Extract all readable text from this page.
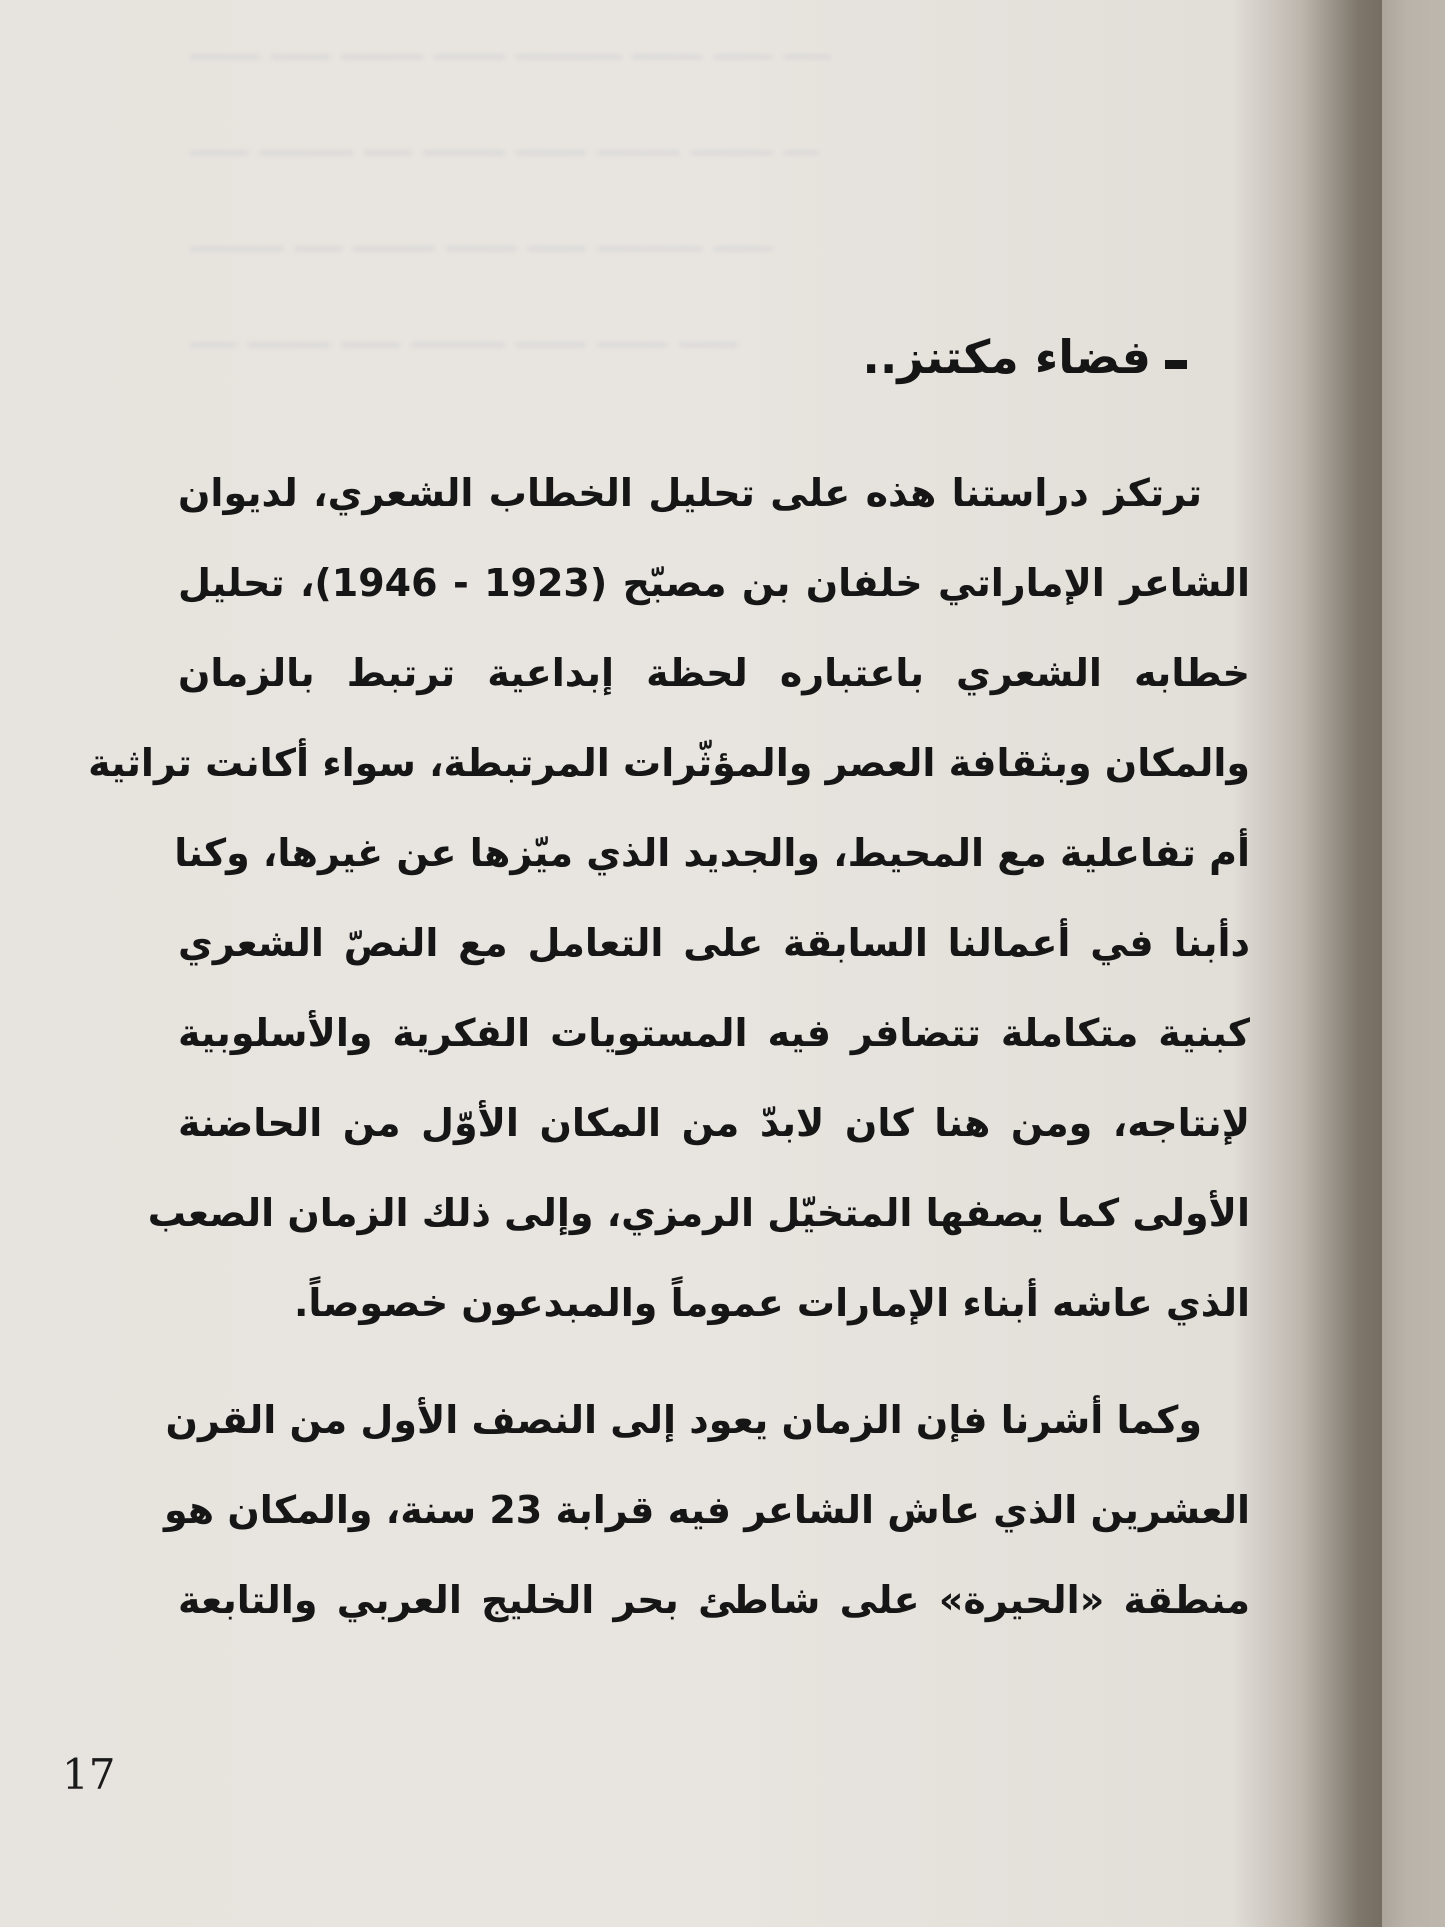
ــــــ ـــــ ـــــــ ــــــ ـــــــــ ــــــ ـــــ ــــ
ـــــ ــــــــ ــــ ـــــــ ــــــ ـــــــ ـــــــ ـــ
ــــــــ ــــ ـــــــ ــــــ ـــــ ـــــــــ ـــــ
ــــ ـــــــ ـــــ ــــــــ ــــــ ــــــ ـــــ	فضاء مكتنز..
ترتكز دراستنا هذه على تحليل الخطاب الشعري، لديوان
الشاعر الإماراتي خلفان بن مصبّح (1923 - 1946)، تحليل
خطابه الشعري باعتباره لحظة إبداعية ترتبط بالزمان
والمكان وبثقافة العصر والمؤثّرات المرتبطة، سواء أكانت تراثية
أم تفاعلية مع المحيط، والجديد الذي ميّزها عن غيرها، وكنا
دأبنا في أعمالنا السابقة على التعامل مع النصّ الشعري
كبنية متكاملة تتضافر فيه المستويات الفكرية والأسلوبية
لإنتاجه، ومن هنا كان لابدّ من المكان الأوّل من الحاضنة
الأولى كما يصفها المتخيّل الرمزي، وإلى ذلك الزمان الصعب
الذي عاشه أبناء الإمارات عموماً والمبدعون خصوصاً.
وكما أشرنا فإن الزمان يعود إلى النصف الأول من القرن
العشرين الذي عاش الشاعر فيه قرابة 23 سنة، والمكان هو
منطقة «الحيرة» على شاطئ بحر الخليج العربي والتابعة
17
